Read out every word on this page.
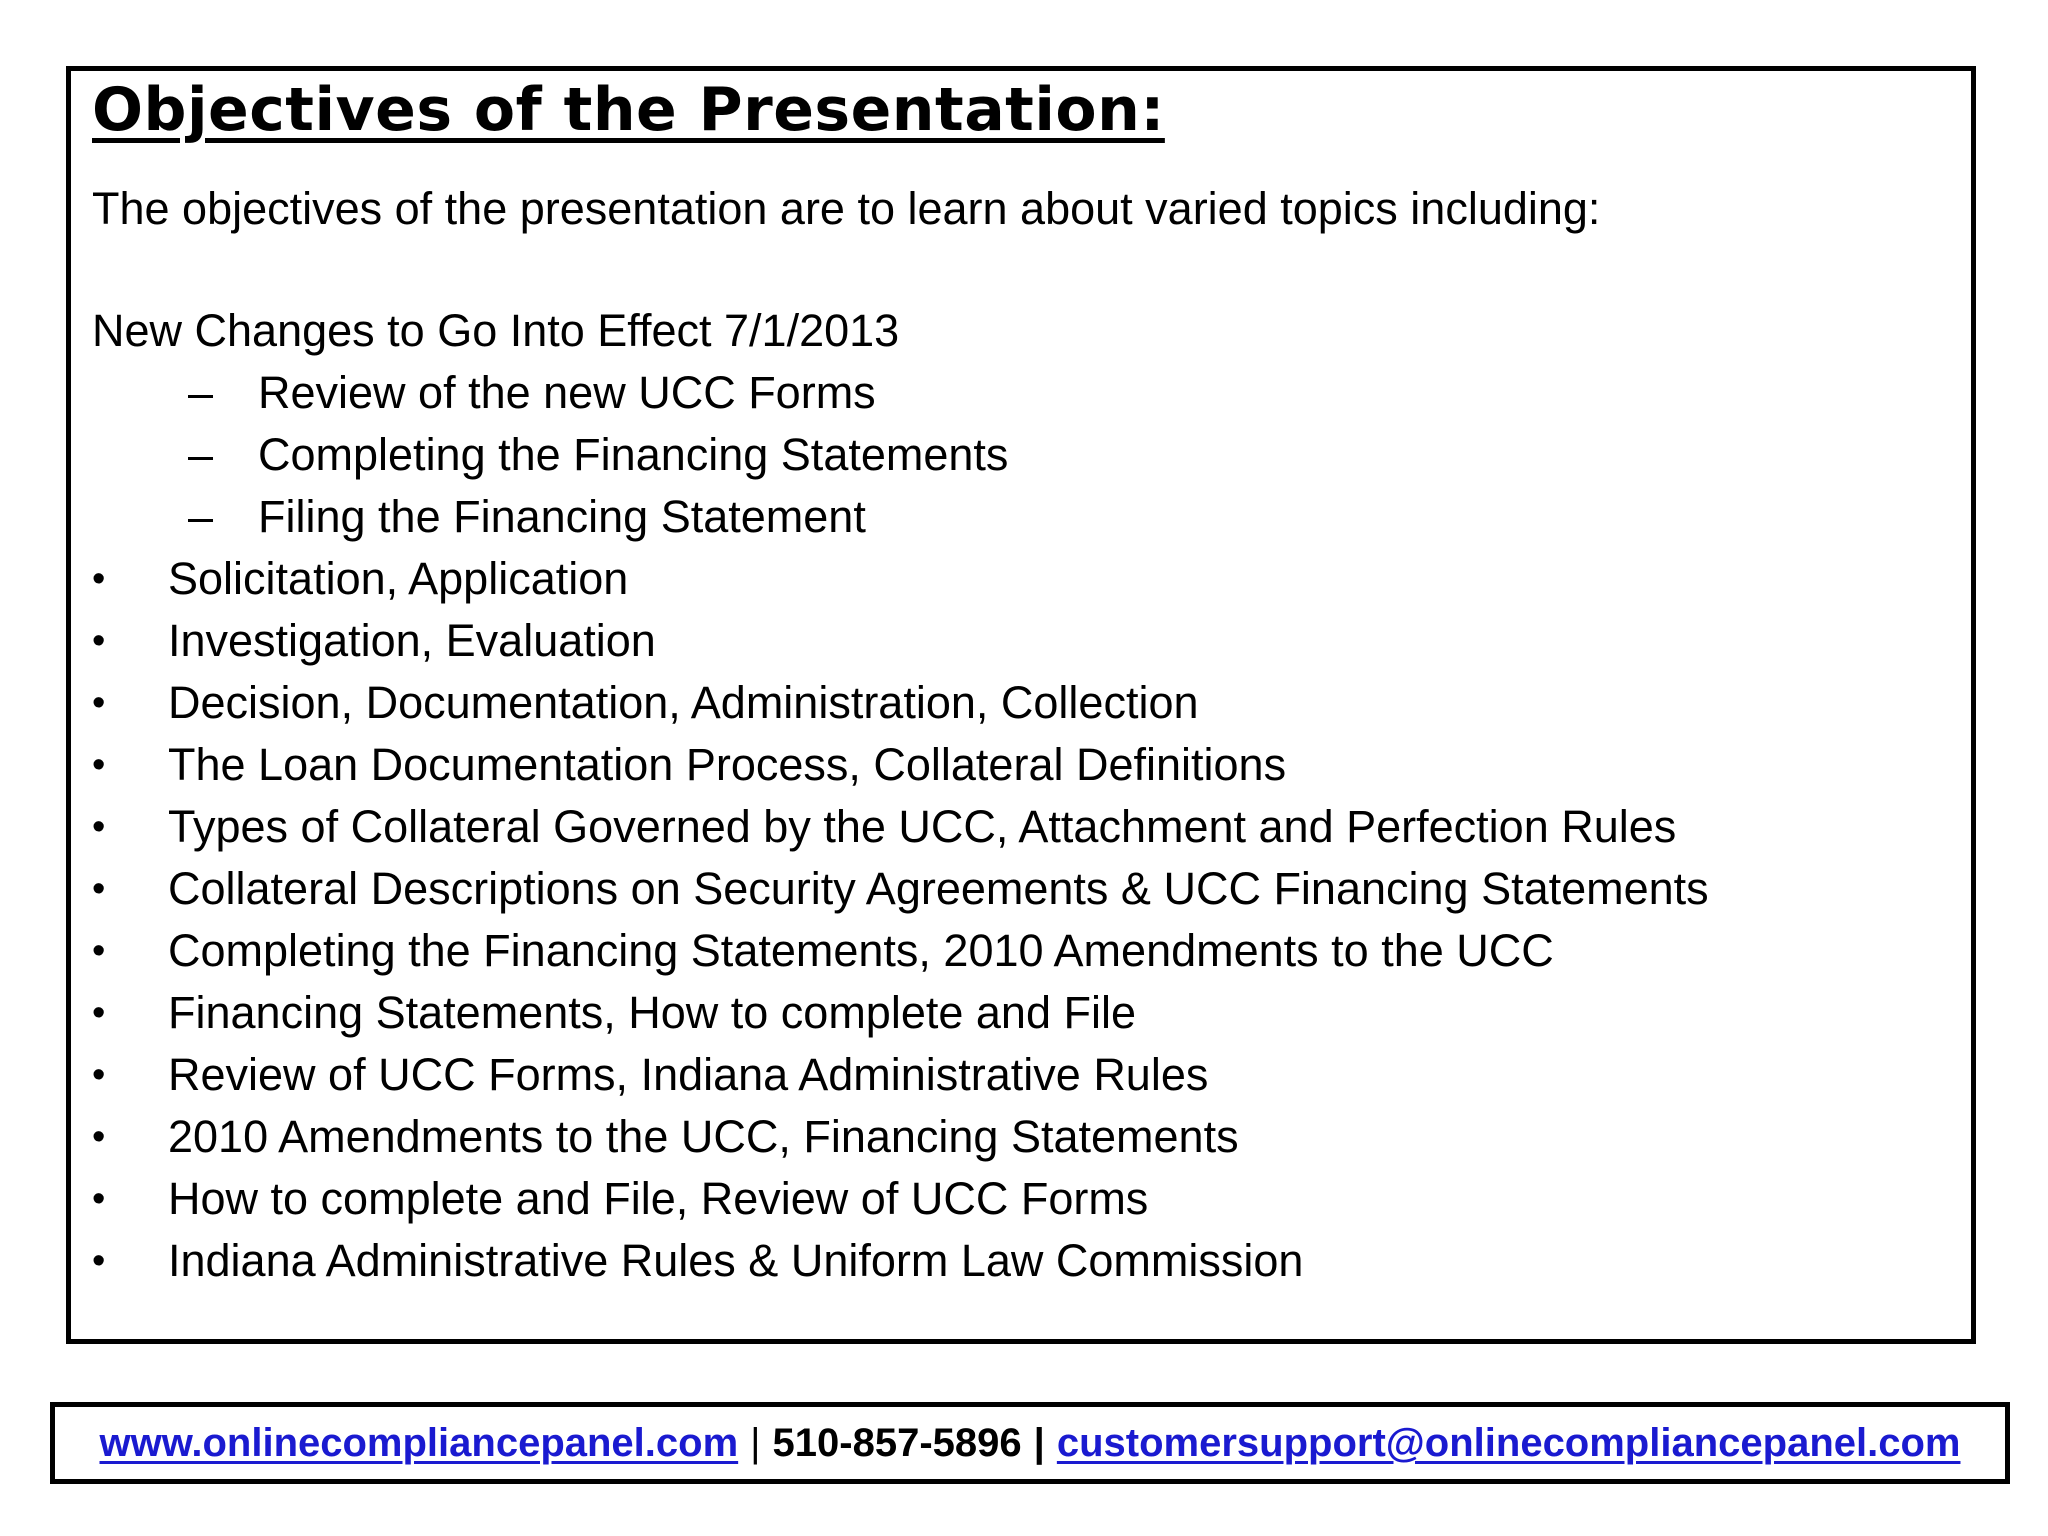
Objectives of the Presentation:
The objectives of the presentation are to learn about varied topics including:
New Changes to Go Into Effect 7/1/2013
– Review of the new UCC Forms
– Completing the Financing Statements
– Filing the Financing Statement
• Solicitation, Application
• Investigation, Evaluation
• Decision, Documentation, Administration, Collection
• The Loan Documentation Process, Collateral Definitions
• Types of Collateral Governed by the UCC, Attachment and Perfection Rules
• Collateral Descriptions on Security Agreements & UCC Financing Statements
• Completing the Financing Statements, 2010 Amendments to the UCC
• Financing Statements, How to complete and File
• Review of UCC Forms, Indiana Administrative Rules
• 2010 Amendments to the UCC, Financing Statements
• How to complete and File, Review of UCC Forms
• Indiana Administrative Rules & Uniform Law Commission
www.onlinecompliancepanel.com | 510-857-5896 | customersupport@onlinecompliancepanel.com
